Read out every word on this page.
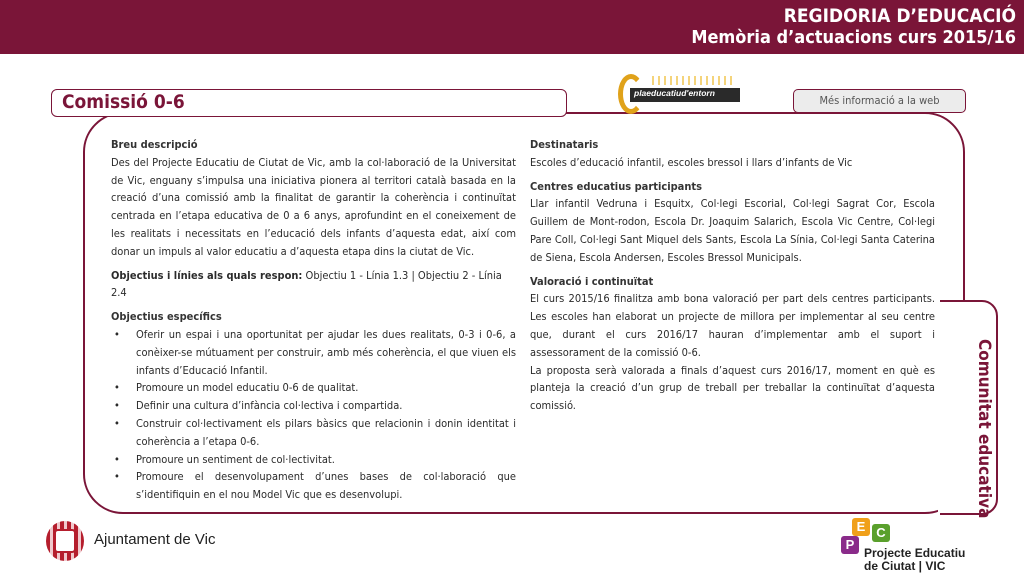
REGIDORIA D’EDUCACIÓ
Memòria d’actuacions curs 2015/16
Comissió 0-6	plaeducatiud'entorn
Més informació a la web
Comunitat educativa
Breu descripció
Des del Projecte Educatiu de Ciutat de Vic, amb la col·laboració de la Universitat de Vic, enguany s’impulsa una iniciativa pionera al territori català basada en la creació d’una comissió amb la finalitat de garantir la coherència i continuïtat centrada en l’etapa educativa de 0 a 6 anys, aprofundint en el coneixement de les realitats i necessitats en l’educació dels infants d’aquesta edat, així com donar un impuls al valor educatiu a d’aquesta etapa dins la ciutat de Vic.
Objectius i línies als quals respon: Objectiu 1 - Línia 1.3 | Objectiu 2 - Línia 2.4
Objectius específics
• Oferir un espai i una oportunitat per ajudar les dues realitats, 0-3 i 0-6, a conèixer-se mútuament per construir, amb més coherència, el que viuen els infants d’Educació Infantil.
• Promoure un model educatiu 0-6 de qualitat.
• Definir una cultura d’infància col·lectiva i compartida.
• Construir col·lectivament els pilars bàsics que relacionin i donin identitat i coherència a l’etapa 0-6.
• Promoure un sentiment de col·lectivitat.
• Promoure el desenvolupament d’unes bases de col·laboració que s’identifiquin en el nou Model Vic que es desenvolupi.
Destinataris
Escoles d’educació infantil, escoles bressol i llars d’infants de Vic
Centres educatius participants
Llar infantil Vedruna i Esquitx, Col·legi Escorial, Col·legi Sagrat Cor, Escola Guillem de Mont-rodon, Escola Dr. Joaquim Salarich, Escola Vic Centre, Col·legi Pare Coll, Col·legi Sant Miquel dels Sants, Escola La Sínia, Col·legi Santa Caterina de Siena, Escola Andersen, Escoles Bressol Municipals.
Valoració i continuïtat
El curs 2015/16 finalitza amb bona valoració per part dels centres participants. Les escoles han elaborat un projecte de millora per implementar al seu centre que, durant el curs 2016/17 hauran d’implementar amb el suport i assessorament de la comissió 0-6.
La proposta serà valorada a finals d’aquest curs 2016/17, moment en què es planteja la creació d’un grup de treball per treballar la continuïtat d’aquesta comissió.
Ajuntament de Vic
E C
P
Projecte Educatiu
de Ciutat | VIC
